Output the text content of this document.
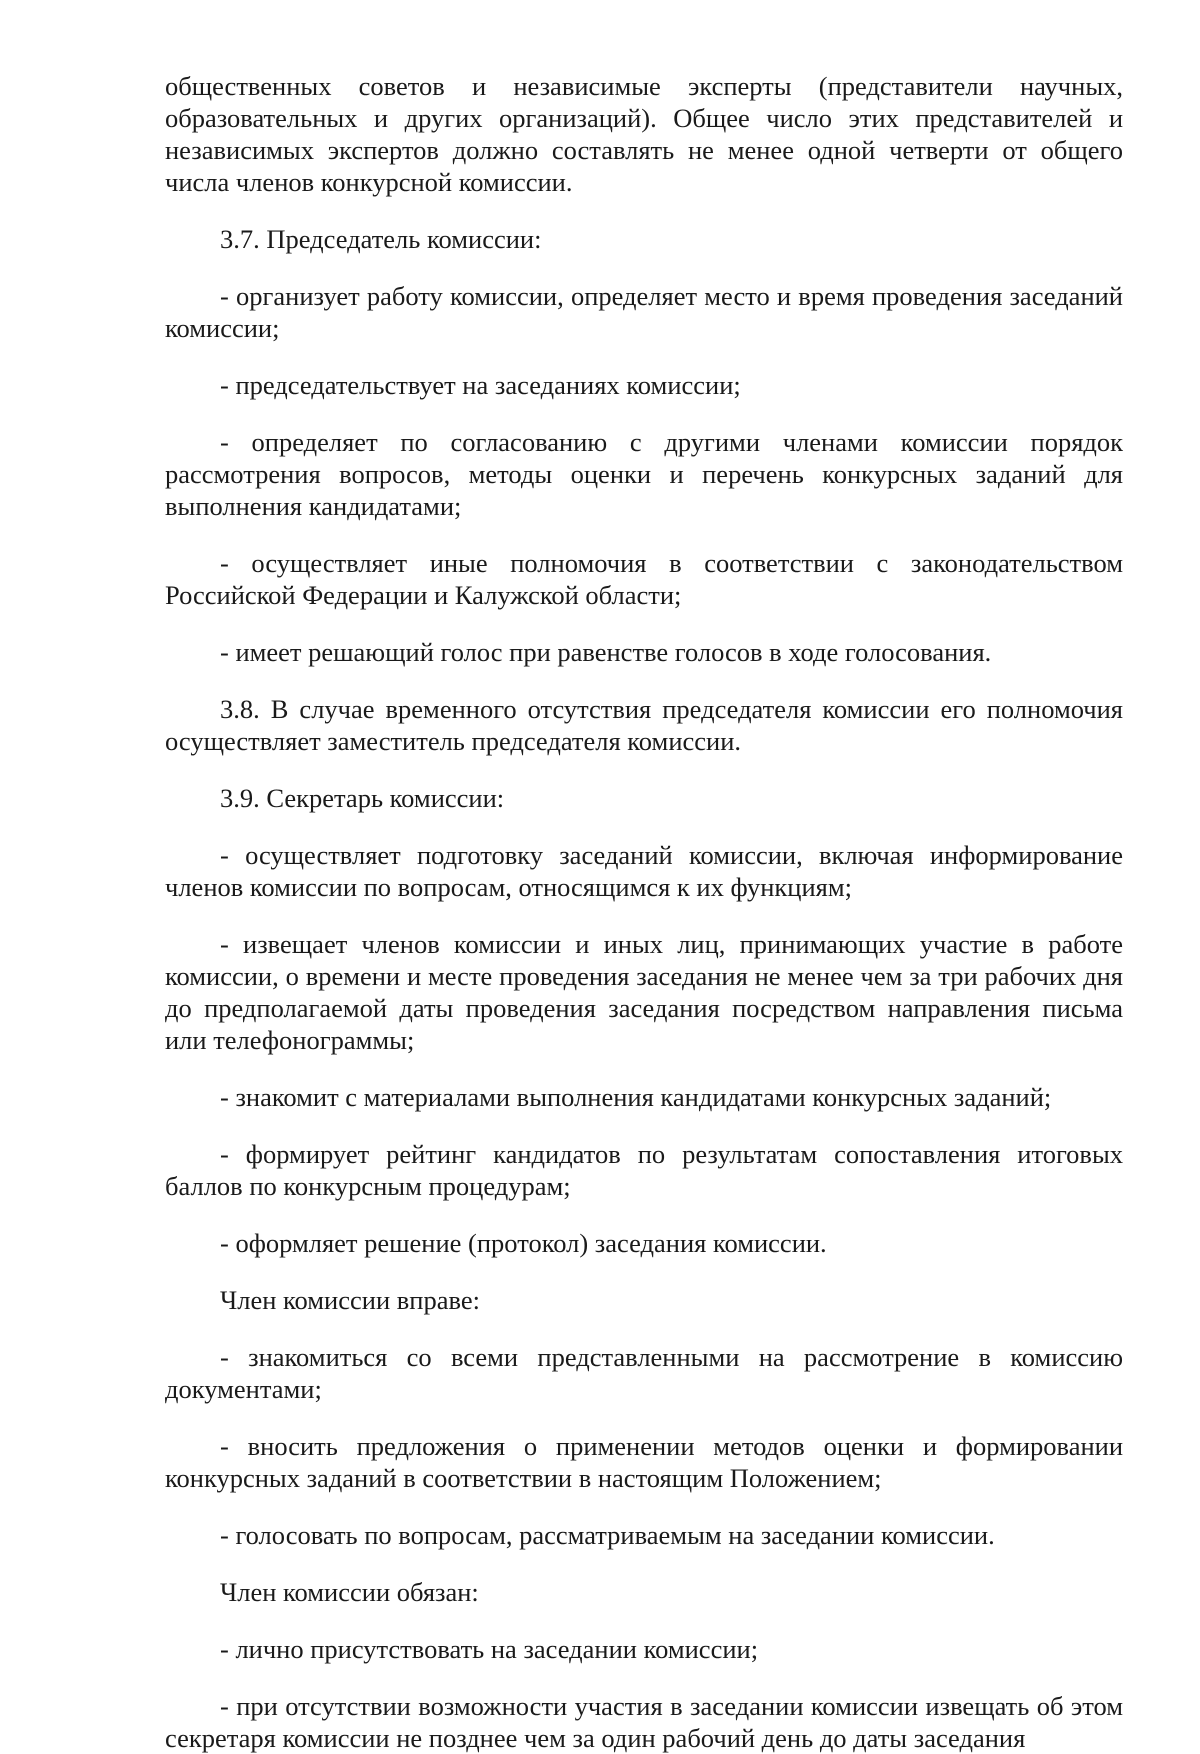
общественных советов и независимые эксперты (представители научных, образовательных и других организаций). Общее число этих представителей и независимых экспертов должно составлять не менее одной четверти от общего числа членов конкурсной комиссии.

3.7. Председатель комиссии:

- организует работу комиссии, определяет место и время проведения заседаний комиссии;

- председательствует на заседаниях комиссии;

- определяет по согласованию с другими членами комиссии порядок рассмотрения вопросов, методы оценки и перечень конкурсных заданий для выполнения кандидатами;

- осуществляет иные полномочия в соответствии с законодательством Российской Федерации и Калужской области;

- имеет решающий голос при равенстве голосов в ходе голосования.

3.8. В случае временного отсутствия председателя комиссии его полномочия осуществляет заместитель председателя комиссии.

3.9. Секретарь комиссии:

- осуществляет подготовку заседаний комиссии, включая информирование членов комиссии по вопросам, относящимся к их функциям;

- извещает членов комиссии и иных лиц, принимающих участие в работе комиссии, о времени и месте проведения заседания не менее чем за три рабочих дня до предполагаемой даты проведения заседания посредством направления письма или телефонограммы;

- знакомит с материалами выполнения кандидатами конкурсных заданий;

- формирует рейтинг кандидатов по результатам сопоставления итоговых баллов по конкурсным процедурам;

- оформляет решение (протокол) заседания комиссии.

Член комиссии вправе:

- знакомиться со всеми представленными на рассмотрение в комиссию документами;

- вносить предложения о применении методов оценки и формировании конкурсных заданий в соответствии в настоящим Положением;

- голосовать по вопросам, рассматриваемым на заседании комиссии.

Член комиссии обязан:

- лично присутствовать на заседании комиссии;

- при отсутствии возможности участия в заседании комиссии извещать об этом секретаря комиссии не позднее чем за один рабочий день до даты заседания
